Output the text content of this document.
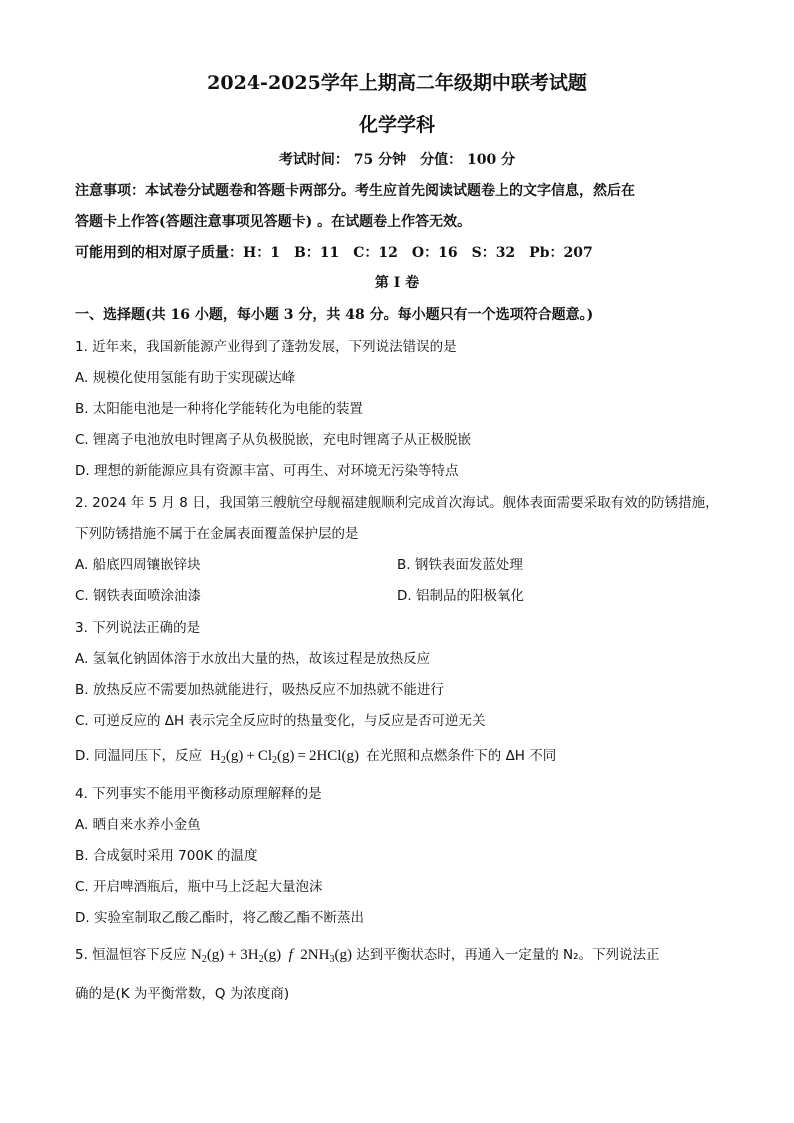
2024-2025学年上期高二年级期中联考试题
化学学科
考试时间： 75 分钟　分值： 100 分
注意事项：本试卷分试题卷和答题卡两部分。考生应首先阅读试题卷上的文字信息，然后在
答题卡上作答(答题注意事项见答题卡) 。在试题卷上作答无效。
可能用到的相对原子质量：H：1　B：11　C：12　O：16　S：32　Pb：207
第 I 卷
一、选择题(共 16 小题，每小题 3 分，共 48 分。每小题只有一个选项符合题意。)
1. 近年来，我国新能源产业得到了蓬勃发展，下列说法错误的是
A. 规模化使用氢能有助于实现碳达峰
B. 太阳能电池是一种将化学能转化为电能的装置
C. 锂离子电池放电时锂离子从负极脱嵌，充电时锂离子从正极脱嵌
D. 理想的新能源应具有资源丰富、可再生、对环境无污染等特点
2. 2024 年 5 月 8 日，我国第三艘航空母舰福建舰顺利完成首次海试。舰体表面需要采取有效的防锈措施，
下列防锈措施不属于在金属表面覆盖保护层的是
A. 船底四周镶嵌锌块	B. 钢铁表面发蓝处理
C. 钢铁表面喷涂油漆	D. 铝制品的阳极氧化
3. 下列说法正确的是
A. 氢氧化钠固体溶于水放出大量的热，故该过程是放热反应
B. 放热反应不需要加热就能进行，吸热反应不加热就不能进行
C. 可逆反应的 ΔH 表示完全反应时的热量变化，与反应是否可逆无关
D. 同温同压下，反应  $H_2(g) + Cl_2(g) = 2HCl(g)$  在光照和点燃条件下的 ΔH 不同
4. 下列事实不能用平衡移动原理解释的是
A. 晒自来水养小金鱼
B. 合成氨时采用 700K 的温度
C. 开启啤酒瓶后，瓶中马上泛起大量泡沫
D. 实验室制取乙酸乙酯时，将乙酸乙酯不断蒸出
5. 恒温恒容下反应 $N_2(g) + 3H_2(g)$  f  $2NH_3(g)$ 达到平衡状态时，再通入一定量的 N₂。下列说法正
确的是(K 为平衡常数，Q 为浓度商)
